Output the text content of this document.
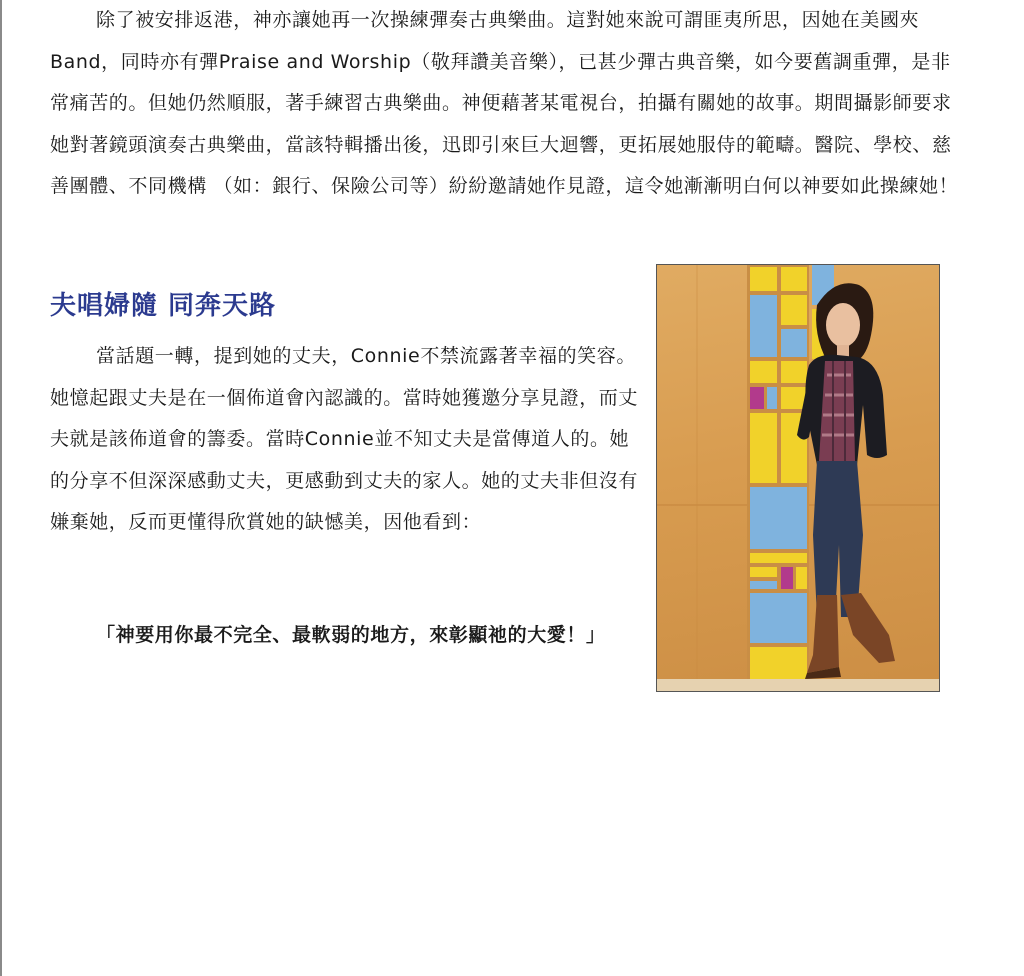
除了被安排返港，神亦讓她再一次操練彈奏古典樂曲。這對她來說可謂匪夷所思，因她在美國夾Band，同時亦有彈Praise and Worship（敬拜讚美音樂），已甚少彈古典音樂，如今要舊調重彈，是非常痛苦的。但她仍然順服，著手練習古典樂曲。神便藉著某電視台，拍攝有關她的故事。期間攝影師要求她對著鏡頭演奏古典樂曲，當該特輯播出後，迅即引來巨大迴響，更拓展她服侍的範疇。醫院、學校、慈善團體、不同機構 （如：銀行、保險公司等）紛紛邀請她作見證，這令她漸漸明白何以神要如此操練她！

夫唱婦隨 同奔天路

當話題一轉，提到她的丈夫，Connie不禁流露著幸福的笑容。她憶起跟丈夫是在一個佈道會內認識的。當時她獲邀分享見證，而丈夫就是該佈道會的籌委。當時Connie並不知丈夫是當傳道人的。她的分享不但深深感動丈夫，更感動到丈夫的家人。她的丈夫非但沒有嫌棄她，反而更懂得欣賞她的缺憾美，因他看到：

「神要用你最不完全、最軟弱的地方，來彰顯祂的大愛！」
